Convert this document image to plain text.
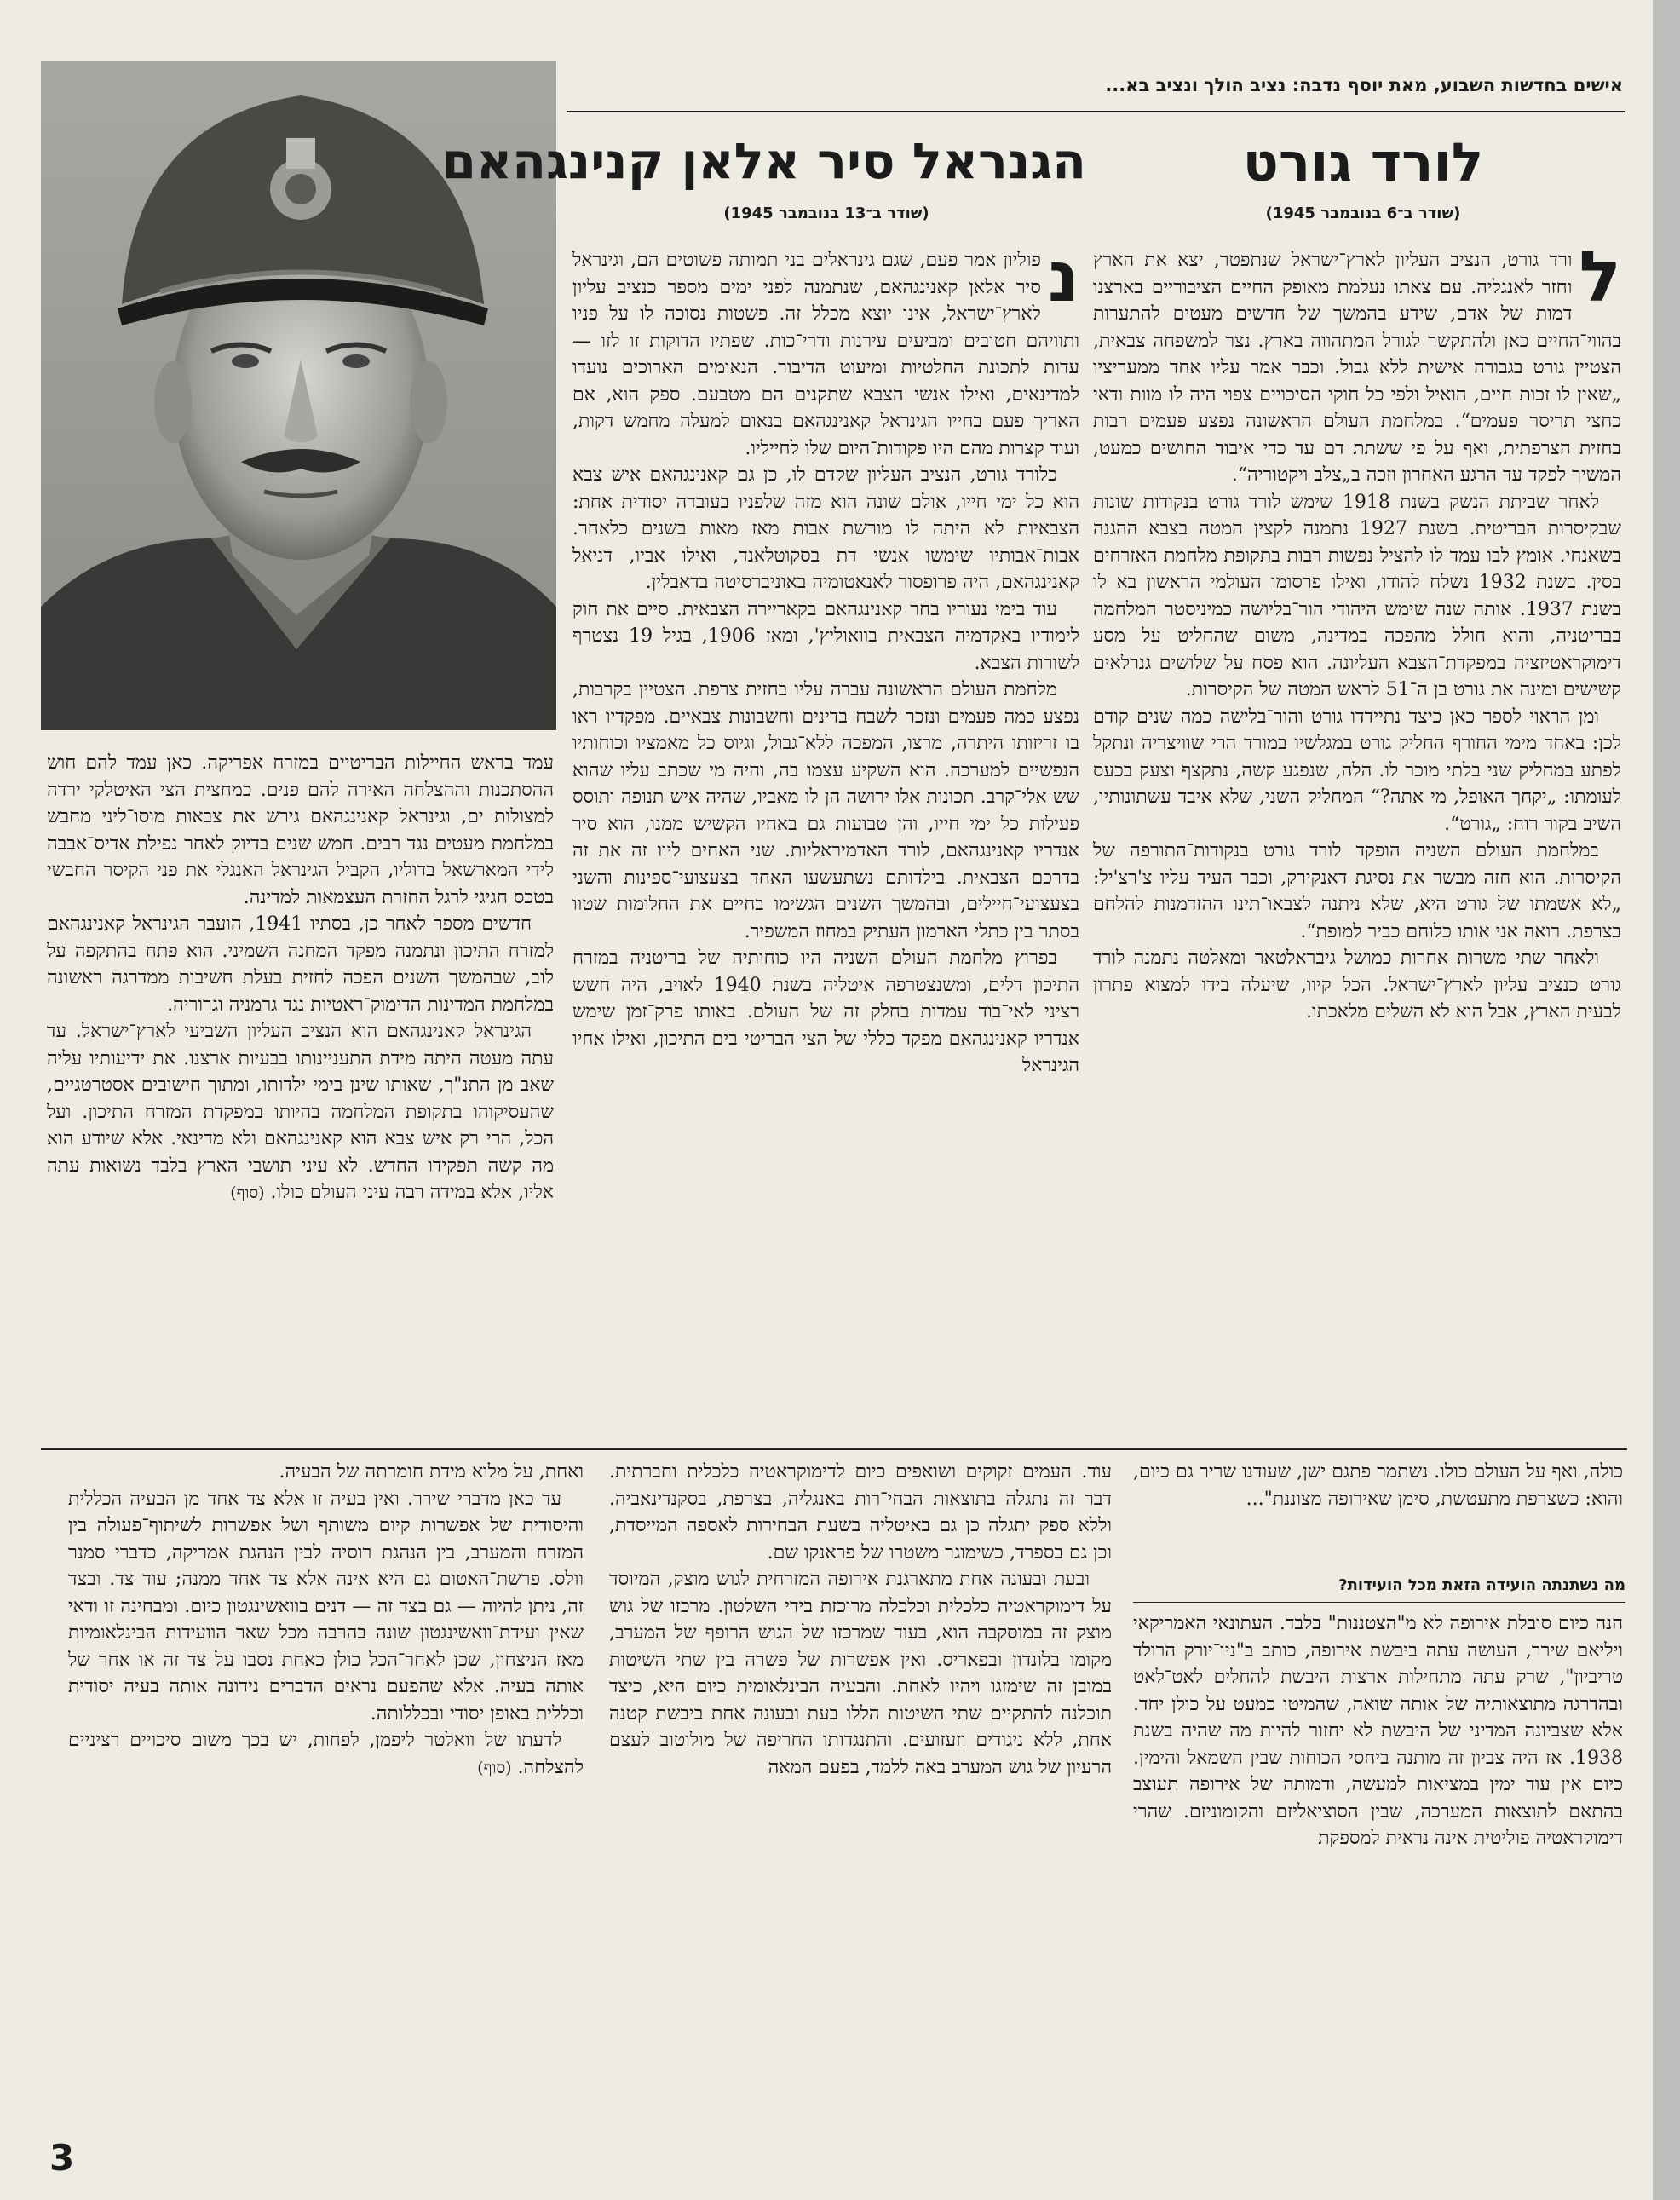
אישים בחדשות השבוע, מאת יוסף נדבה: נציב הולך ונציב בא...
לורד גורט
(שודר ב־6 בנובמבר 1945)

ל
ורד גורט, הנציב העליון לארץ־ישראל שנתפטר, יצא את הארץ וחזר לאנגליה. עם צאתו נעלמת מאופק החיים הציבוריים בארצנו דמות של אדם, שידע בהמשך של חדשים מעטים להתערות בהווי־החיים כאן ולהתקשר לגורל המתהווה בארץ. נצר למשפחה צבאית, הצטיין גורט בגבורה אישית ללא גבול. וכבר אמר עליו אחד ממעריציו „שאין לו זכות חיים, הואיל ולפי כל חוקי הסיכויים צפוי היה לו מוות ודאי כחצי תריסר פעמים“. במלחמת העולם הראשונה נפצע פעמים רבות בחזית הצרפתית, ואף על פי ששתת דם עד כדי איבוד החושים כמעט, המשיך לפקד עד הרגע האחרון וזכה ב„צלב ויקטוריה“.

לאחר שביתת הנשק בשנת 1918 שימש לורד גורט בנקודות שונות שבקיסרות הבריטית. בשנת 1927 נתמנה לקצין המטה בצבא ההגנה בשאנחי. אומץ לבו עמד לו להציל נפשות רבות בתקופת מלחמת האזרחים בסין. בשנת 1932 נשלח להודו, ואילו פרסומו העולמי הראשון בא לו בשנת 1937. אותה שנה שימש היהודי הור־בליושה כמיניסטר המלחמה בבריטניה, והוא חולל מהפכה במדינה, משום שהחליט על מסע דימוקראטיזציה במפקדת־הצבא העליונה. הוא פסח על שלושים גנרלאים קשישים ומינה את גורט בן ה־51 לראש המטה של הקיסרות.

ומן הראוי לספר כאן כיצד נתיידדו גורט והור־בלישה כמה שנים קודם לכן: באחד מימי החורף החליק גורט במגלשיו במורד הרי שוויצריה ונתקל לפתע במחליק שני בלתי מוכר לו. הלה, שנפגע קשה, נתקצף וצעק בכעס לעומתו: „יקחך האופל, מי אתה?“ המחליק השני, שלא איבד עשתונותיו, השיב בקור רוח: „גורט“.

במלחמת העולם השניה הופקד לורד גורט בנקודות־התורפה של הקיסרות. הוא חזה מבשר את נסיגת דאנקירק, וכבר העיד עליו צ'רצ'יל: „לא אשמתו של גורט היא, שלא ניתנה לצבאו־תינו ההזדמנות להלחם בצרפת. רואה אני אותו כלוחם כביר למופת“.

ולאחר שתי משרות אחרות כמושל גיבראלטאר ומאלטה נתמנה לורד גורט כנציב עליון לארץ־ישראל. הכל קיוו, שיעלה בידו למצוא פתרון לבעית הארץ, אבל הוא לא השלים מלאכתו.

הגנראל סיר אלאן קנינגהאם
(שודר ב־13 בנובמבר 1945)

נ
פוליון אמר פעם, שגם גינראלים בני תמותה פשוטים הם, וגינראל סיר אלאן קאנינגהאם, שנתמנה לפני ימים מספר כנציב עליון לארץ־ישראל, אינו יוצא מכלל זה. פשטות נסוכה לו על פניו ותוויהם חטובים ומביעים עירנות ודרי־כות. שפתיו הדוקות זו לזו — עדות לתכונת החלטיות ומיעוט הדיבור. הנאומים הארוכים נועדו למדינאים, ואילו אנשי הצבא שתקנים הם מטבעם. ספק הוא, אם האריך פעם בחייו הגינראל קאנינגהאם בנאום למעלה מחמש דקות, ועוד קצרות מהם היו פקודות־היום שלו לחייליו.

כלורד גורט, הנציב העליון שקדם לו, כן גם קאנינגהאם איש צבא הוא כל ימי חייו, אולם שונה הוא מזה שלפניו בעובדה יסודית אחת: הצבאיות לא היתה לו מורשת אבות מאז מאות בשנים כלאחר. אבות־אבותיו שימשו אנשי דת בסקוטלאנד, ואילו אביו, דניאל קאנינגהאם, היה פרופסור לאנאטומיה באוניברסיטה בדאבלין.

עוד בימי נעוריו בחר קאנינגהאם בקאריירה הצבאית. סיים את חוק לימודיו באקדמיה הצבאית בוואוליץ', ומאז 1906, בגיל 19 נצטרף לשורות הצבא.

מלחמת העולם הראשונה עברה עליו בחזית צרפת. הצטיין בקרבות, נפצע כמה פעמים ונזכר לשבח בדינים וחשבונות צבאיים. מפקדיו ראו בו זריזותו היתרה, מרצו, המפכה ללא־גבול, וגיוס כל מאמציו וכוחותיו הנפשיים למערכה. הוא השקיע עצמו בה, והיה מי שכתב עליו שהוא שש אלי־קרב. תכונות אלו ירושה הן לו מאביו, שהיה איש תנופה ותוסס פעילות כל ימי חייו, והן טבועות גם באחיו הקשיש ממנו, הוא סיר אנדריו קאנינגהאם, לורד האדמיראליות. שני האחים ליוו זה את זה בדרכם הצבאית. בילדותם נשתעשעו האחד בצעצועי־ספינות והשני בצעצועי־חיילים, ובהמשך השנים הגשימו בחיים את החלומות שטוו בסתר בין כתלי הארמון העתיק במחוז המשפיר.

בפרוץ מלחמת העולם השניה היו כוחותיה של בריטניה במזרח התיכון דלים, ומשנצטרפה איטליה בשנת 1940 לאויב, היה חשש רציני לאי־בוד עמדות בחלק זה של העולם. באותו פרק־זמן שימש אנדריו קאנינגהאם מפקד כללי של הצי הבריטי בים התיכון, ואילו אחיו הגינראל

עמד בראש החיילות הבריטיים במזרח אפריקה. כאן עמד להם חוש ההסתכנות וההצלחה האירה להם פנים. כמחצית הצי האיטלקי ירדה למצולות ים, וגינראל קאנינגהאם גירש את צבאות מוסו־ליני מחבש במלחמת מעטים נגד רבים. חמש שנים בדיוק לאחר נפילת אדיס־אבבה לידי המארשאל בדוליו, הקביל הגינראל האנגלי את פני הקיסר החבשי בטכס חגיגי לרגל החזרת העצמאות למדינה.

חדשים מספר לאחר כן, בסתיו 1941, הועבר הגינראל קאנינגהאם למזרח התיכון ונתמנה מפקד המחנה השמיני. הוא פתח בהתקפה על לוב, שבהמשך השנים הפכה לחזית בעלת חשיבות ממדרגה ראשונה במלחמת המדינות הדימוק־ראטיות נגד גרמניה וגרוריה.

הגינראל קאנינגהאם הוא הנציב העליון השביעי לארץ־ישראל. עד עתה מעטה היתה מידת התעניינותו בבעיות ארצנו. את ידיעותיו עליה שאב מן התנ"ך, שאותו שינן בימי ילדותו, ומתוך חישובים אסטרטגיים, שהעסיקוהו בתקופת המלחמה בהיותו במפקדת המזרח התיכון. ועל הכל, הרי רק איש צבא הוא קאנינגהאם ולא מדינאי. אלא שיודע הוא מה קשה תפקידו החדש. לא עיני תושבי הארץ בלבד נשואות עתה אליו, אלא במידה רבה עיני העולם כולו. (סוף)

כולה, ואף על העולם כולו. נשתמר פתגם ישן, שעודנו שריר גם כיום, והוא: כשצרפת מתעטשת, סימן שאירופה מצוננת"...

מה נשתנתה הועידה הזאת מכל הועידות?

הנה כיום סובלת אירופה לא מ"הצטננות" בלבד. העתונאי האמריקאי ויליאם שירר, העושה עתה ביבשת אירופה, כותב ב"ניו־יורק הרולד טריביון", שרק עתה מתחילות ארצות היבשת להחלים לאט־לאט ובהדרגה מתוצאותיה של אותה שואה, שהמיטו כמעט על כולן יחד. אלא שצביונה המדיני של היבשת לא יחזור להיות מה שהיה בשנת 1938. אז היה צביון זה מותנה ביחסי הכוחות שבין השמאל והימין. כיום אין עוד ימין במציאות למעשה, ודמותה של אירופה תעוצב בהתאם לתוצאות המערכה, שבין הסוציאליזם והקומוניזם. שהרי דימוקראטיה פוליטית אינה נראית למספקת

עוד. העמים זקוקים ושואפים כיום לדימוקראטיה כלכלית וחברתית. דבר זה נתגלה בתוצאות הבחי־רות באנגליה, בצרפת, בסקנדינאביה. וללא ספק יתגלה כן גם באיטליה בשעת הבחירות לאספה המייסדת, וכן גם בספרד, כשימוגר משטרו של פראנקו שם.

ובעת ובעונה אחת מתארגנת אירופה המזרחית לגוש מוצק, המיוסד על דימוקראטיה כלכלית וכלכלה מרוכזת בידי השלטון. מרכזו של גוש מוצק זה במוסקבה הוא, בעוד שמרכזו של הגוש הרופף של המערב, מקומו בלונדון ובפאריס. ואין אפשרות של פשרה בין שתי השיטות במובן זה שימזגו ויהיו לאחת. והבעיה הבינלאומית כיום היא, כיצד תוכלנה להתקיים שתי השיטות הללו בעת ובעונה אחת ביבשת קטנה אחת, ללא ניגודים וזעזועים. והתנגדותו החריפה של מולוטוב לעצם הרעיון של גוש המערב באה ללמד, בפעם המאה

ואחת, על מלוא מידת חומרתה של הבעיה.

עד כאן מדברי שירר. ואין בעיה זו אלא צד אחד מן הבעיה הכללית והיסודית של אפשרות קיום משותף ושל אפשרות לשיתוף־פעולה בין המזרח והמערב, בין הנהגת רוסיה לבין הנהגת אמריקה, כדברי סמנר וולס. פרשת־האטום גם היא אינה אלא צד אחד ממנה; עוד צד. ובצד זה, ניתן להיוה — גם בצד זה — דנים בוואשינגטון כיום. ומבחינה זו ודאי שאין ועידת־וואשינגטון שונה בהרבה מכל שאר הוועידות הבינלאומיות מאז הניצחון, שכן לאחר־הכל כולן כאחת נסבו על צד זה או אחר של אותה בעיה. אלא שהפעם נראים הדברים נידונה אותה בעיה יסודית וכללית באופן יסודי ובכללותה.

לדעתו של וואלטר ליפמן, לפחות, יש בכך משום סיכויים רציניים להצלחה. (סוף)

3
